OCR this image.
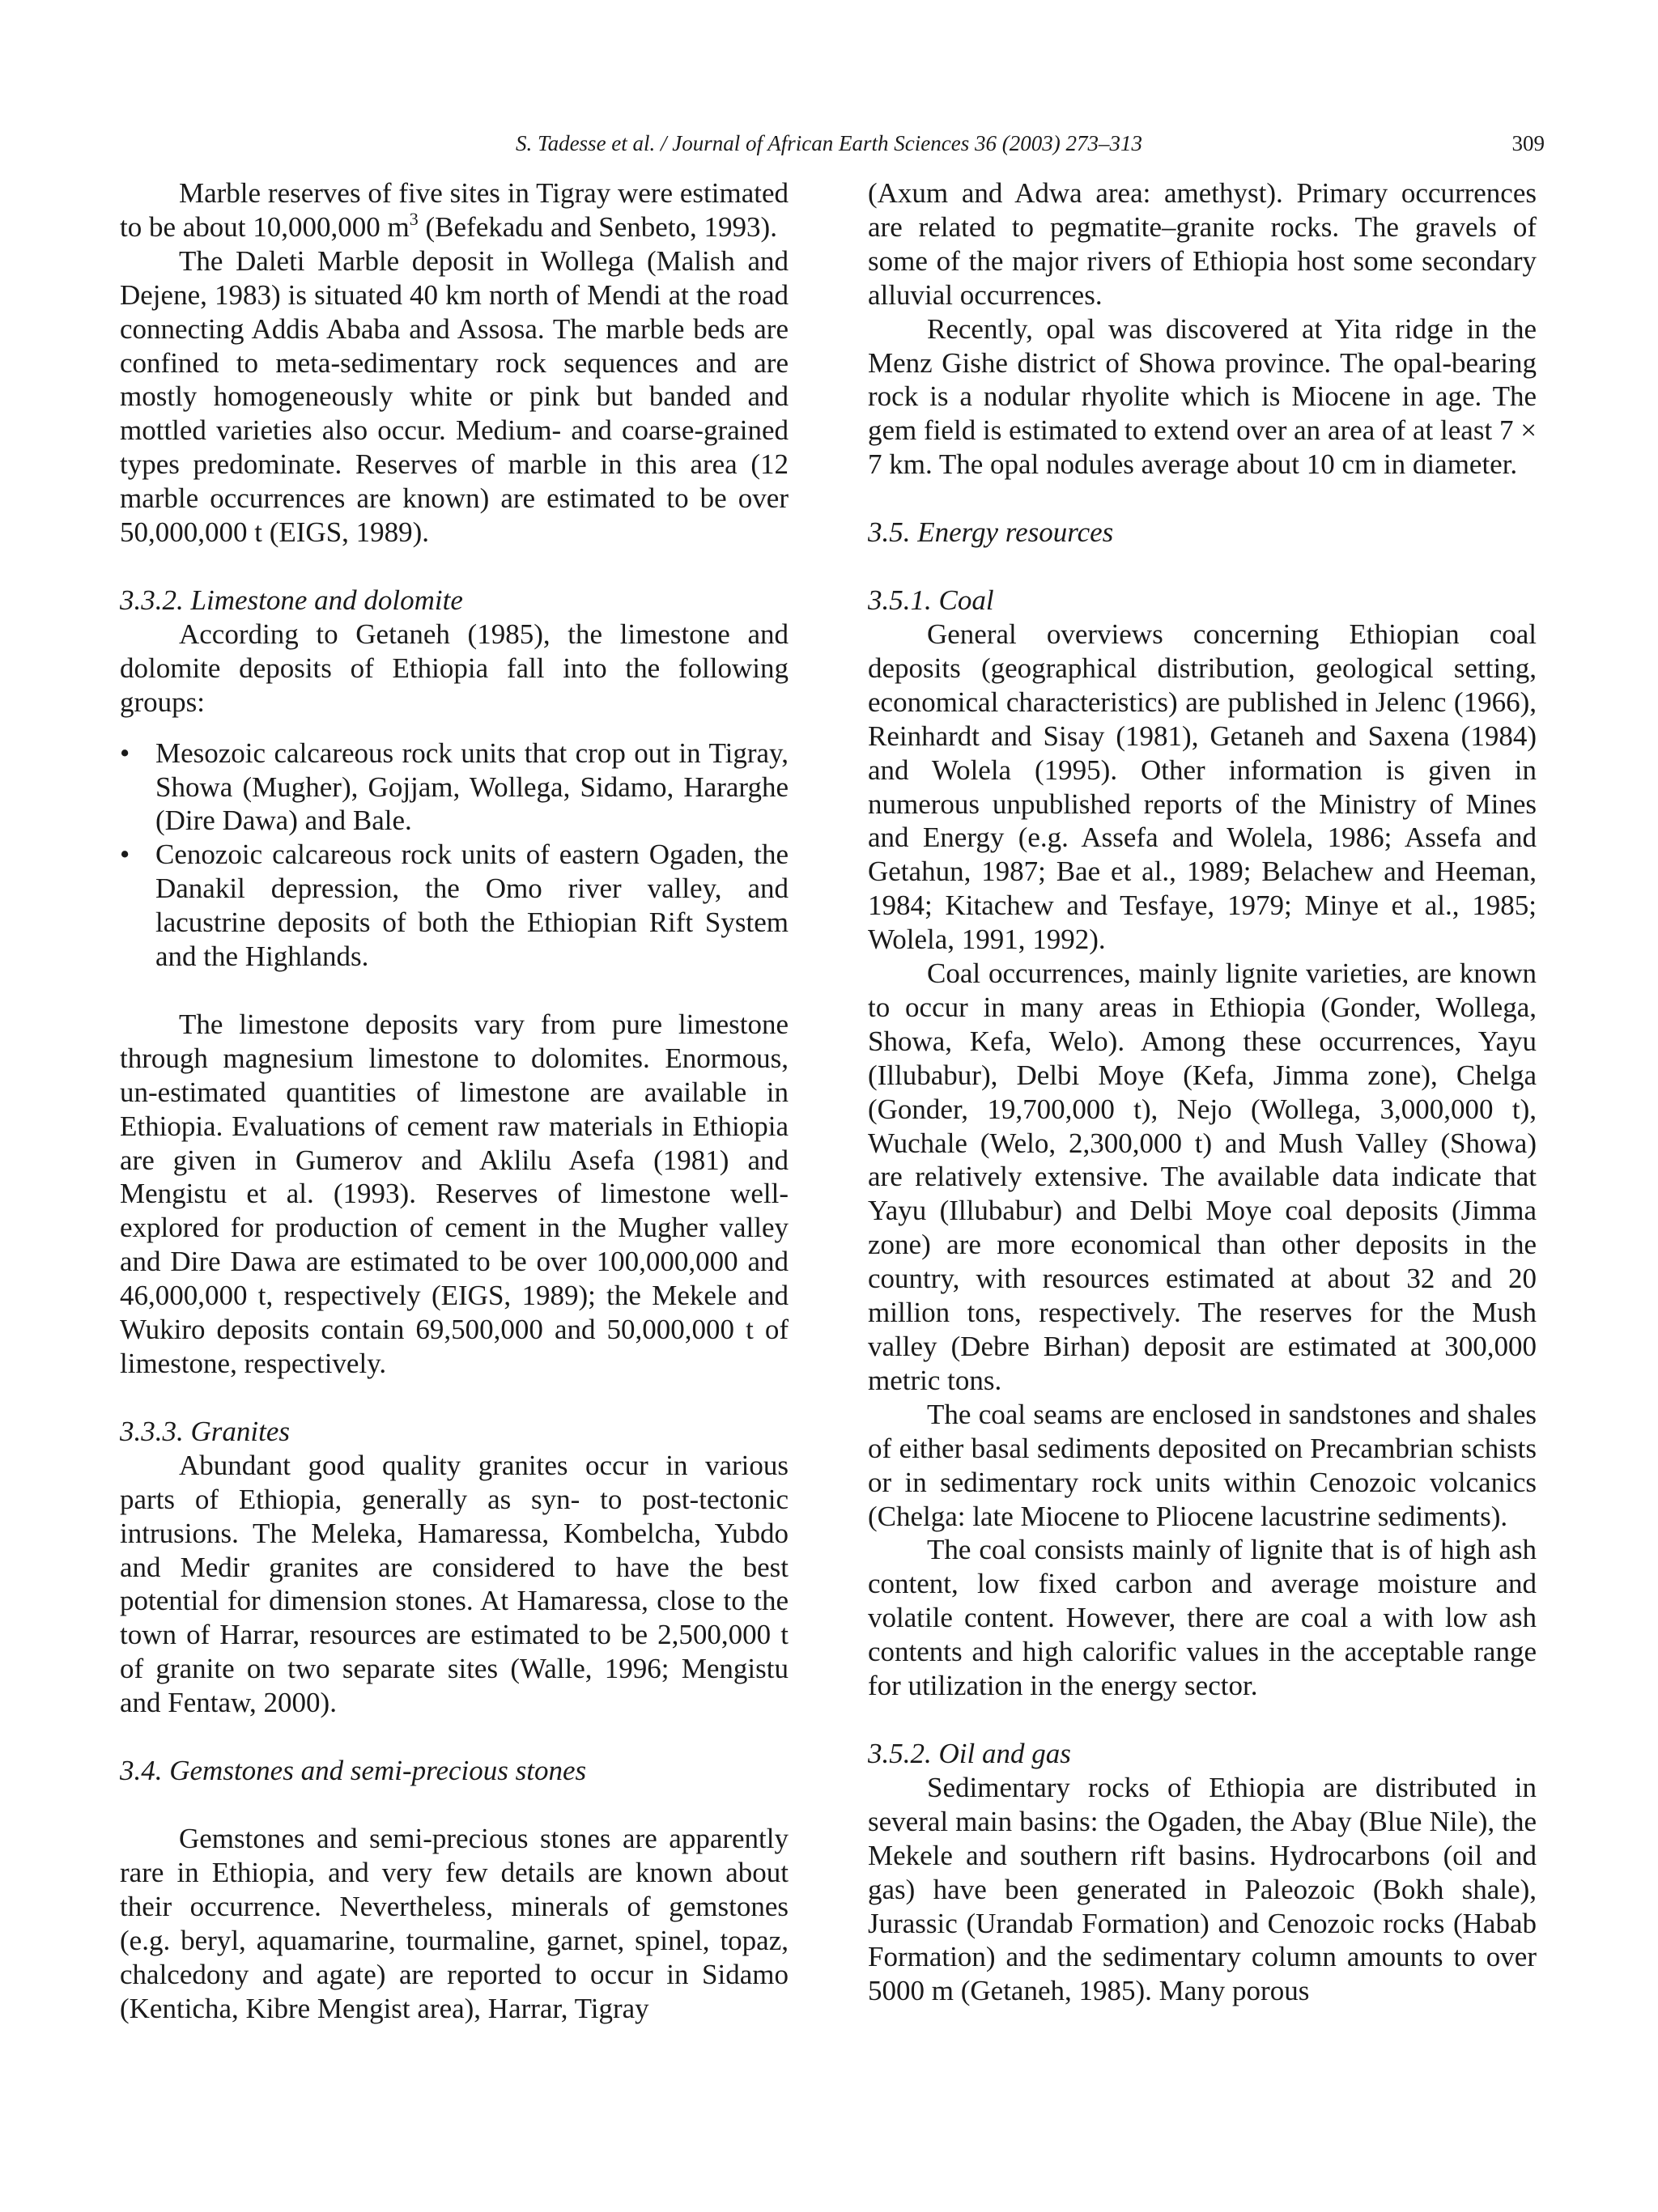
S. Tadesse et al. / Journal of African Earth Sciences 36 (2003) 273–313	309

Marble reserves of five sites in Tigray were estimated to be about 10,000,000 $m^3$ (Befekadu and Senbeto, 1993).

The Daleti Marble deposit in Wollega (Malish and Dejene, 1983) is situated 40 km north of Mendi at the road connecting Addis Ababa and Assosa. The marble beds are confined to meta-sedimentary rock sequences and are mostly homogeneously white or pink but banded and mottled varieties also occur. Medium- and coarse-grained types predominate. Reserves of marble in this area (12 marble occurrences are known) are estimated to be over 50,000,000 t (EIGS, 1989).

3.3.2. Limestone and dolomite

According to Getaneh (1985), the limestone and dolomite deposits of Ethiopia fall into the following groups:

• Mesozoic calcareous rock units that crop out in Tigray, Showa (Mugher), Gojjam, Wollega, Sidamo, Hararghe (Dire Dawa) and Bale.
• Cenozoic calcareous rock units of eastern Ogaden, the Danakil depression, the Omo river valley, and lacustrine deposits of both the Ethiopian Rift System and the Highlands.

The limestone deposits vary from pure limestone through magnesium limestone to dolomites. Enormous, un-estimated quantities of limestone are available in Ethiopia. Evaluations of cement raw materials in Ethiopia are given in Gumerov and Aklilu Asefa (1981) and Mengistu et al. (1993). Reserves of limestone well-explored for production of cement in the Mugher valley and Dire Dawa are estimated to be over 100,000,000 and 46,000,000 t, respectively (EIGS, 1989); the Mekele and Wukiro deposits contain 69,500,000 and 50,000,000 t of limestone, respectively.

3.3.3. Granites

Abundant good quality granites occur in various parts of Ethiopia, generally as syn- to post-tectonic intrusions. The Meleka, Hamaressa, Kombelcha, Yubdo and Medir granites are considered to have the best potential for dimension stones. At Hamaressa, close to the town of Harrar, resources are estimated to be 2,500,000 t of granite on two separate sites (Walle, 1996; Mengistu and Fentaw, 2000).

3.4. Gemstones and semi-precious stones

Gemstones and semi-precious stones are apparently rare in Ethiopia, and very few details are known about their occurrence. Nevertheless, minerals of gemstones (e.g. beryl, aquamarine, tourmaline, garnet, spinel, topaz, chalcedony and agate) are reported to occur in Sidamo (Kenticha, Kibre Mengist area), Harrar, Tigray

(Axum and Adwa area: amethyst). Primary occurrences are related to pegmatite–granite rocks. The gravels of some of the major rivers of Ethiopia host some secondary alluvial occurrences.

Recently, opal was discovered at Yita ridge in the Menz Gishe district of Showa province. The opal-bearing rock is a nodular rhyolite which is Miocene in age. The gem field is estimated to extend over an area of at least 7 × 7 km. The opal nodules average about 10 cm in diameter.

3.5. Energy resources
3.5.1. Coal

General overviews concerning Ethiopian coal deposits (geographical distribution, geological setting, economical characteristics) are published in Jelenc (1966), Reinhardt and Sisay (1981), Getaneh and Saxena (1984) and Wolela (1995). Other information is given in numerous unpublished reports of the Ministry of Mines and Energy (e.g. Assefa and Wolela, 1986; Assefa and Getahun, 1987; Bae et al., 1989; Belachew and Heeman, 1984; Kitachew and Tesfaye, 1979; Minye et al., 1985; Wolela, 1991, 1992).

Coal occurrences, mainly lignite varieties, are known to occur in many areas in Ethiopia (Gonder, Wollega, Showa, Kefa, Welo). Among these occurrences, Yayu (Illubabur), Delbi Moye (Kefa, Jimma zone), Chelga (Gonder, 19,700,000 t), Nejo (Wollega, 3,000,000 t), Wuchale (Welo, 2,300,000 t) and Mush Valley (Showa) are relatively extensive. The available data indicate that Yayu (Illubabur) and Delbi Moye coal deposits (Jimma zone) are more economical than other deposits in the country, with resources estimated at about 32 and 20 million tons, respectively. The reserves for the Mush valley (Debre Birhan) deposit are estimated at 300,000 metric tons.

The coal seams are enclosed in sandstones and shales of either basal sediments deposited on Precambrian schists or in sedimentary rock units within Cenozoic volcanics (Chelga: late Miocene to Pliocene lacustrine sediments).

The coal consists mainly of lignite that is of high ash content, low fixed carbon and average moisture and volatile content. However, there are coal a with low ash contents and high calorific values in the acceptable range for utilization in the energy sector.

3.5.2. Oil and gas

Sedimentary rocks of Ethiopia are distributed in several main basins: the Ogaden, the Abay (Blue Nile), the Mekele and southern rift basins. Hydrocarbons (oil and gas) have been generated in Paleozoic (Bokh shale), Jurassic (Urandab Formation) and Cenozoic rocks (Habab Formation) and the sedimentary column amounts to over 5000 m (Getaneh, 1985). Many porous
